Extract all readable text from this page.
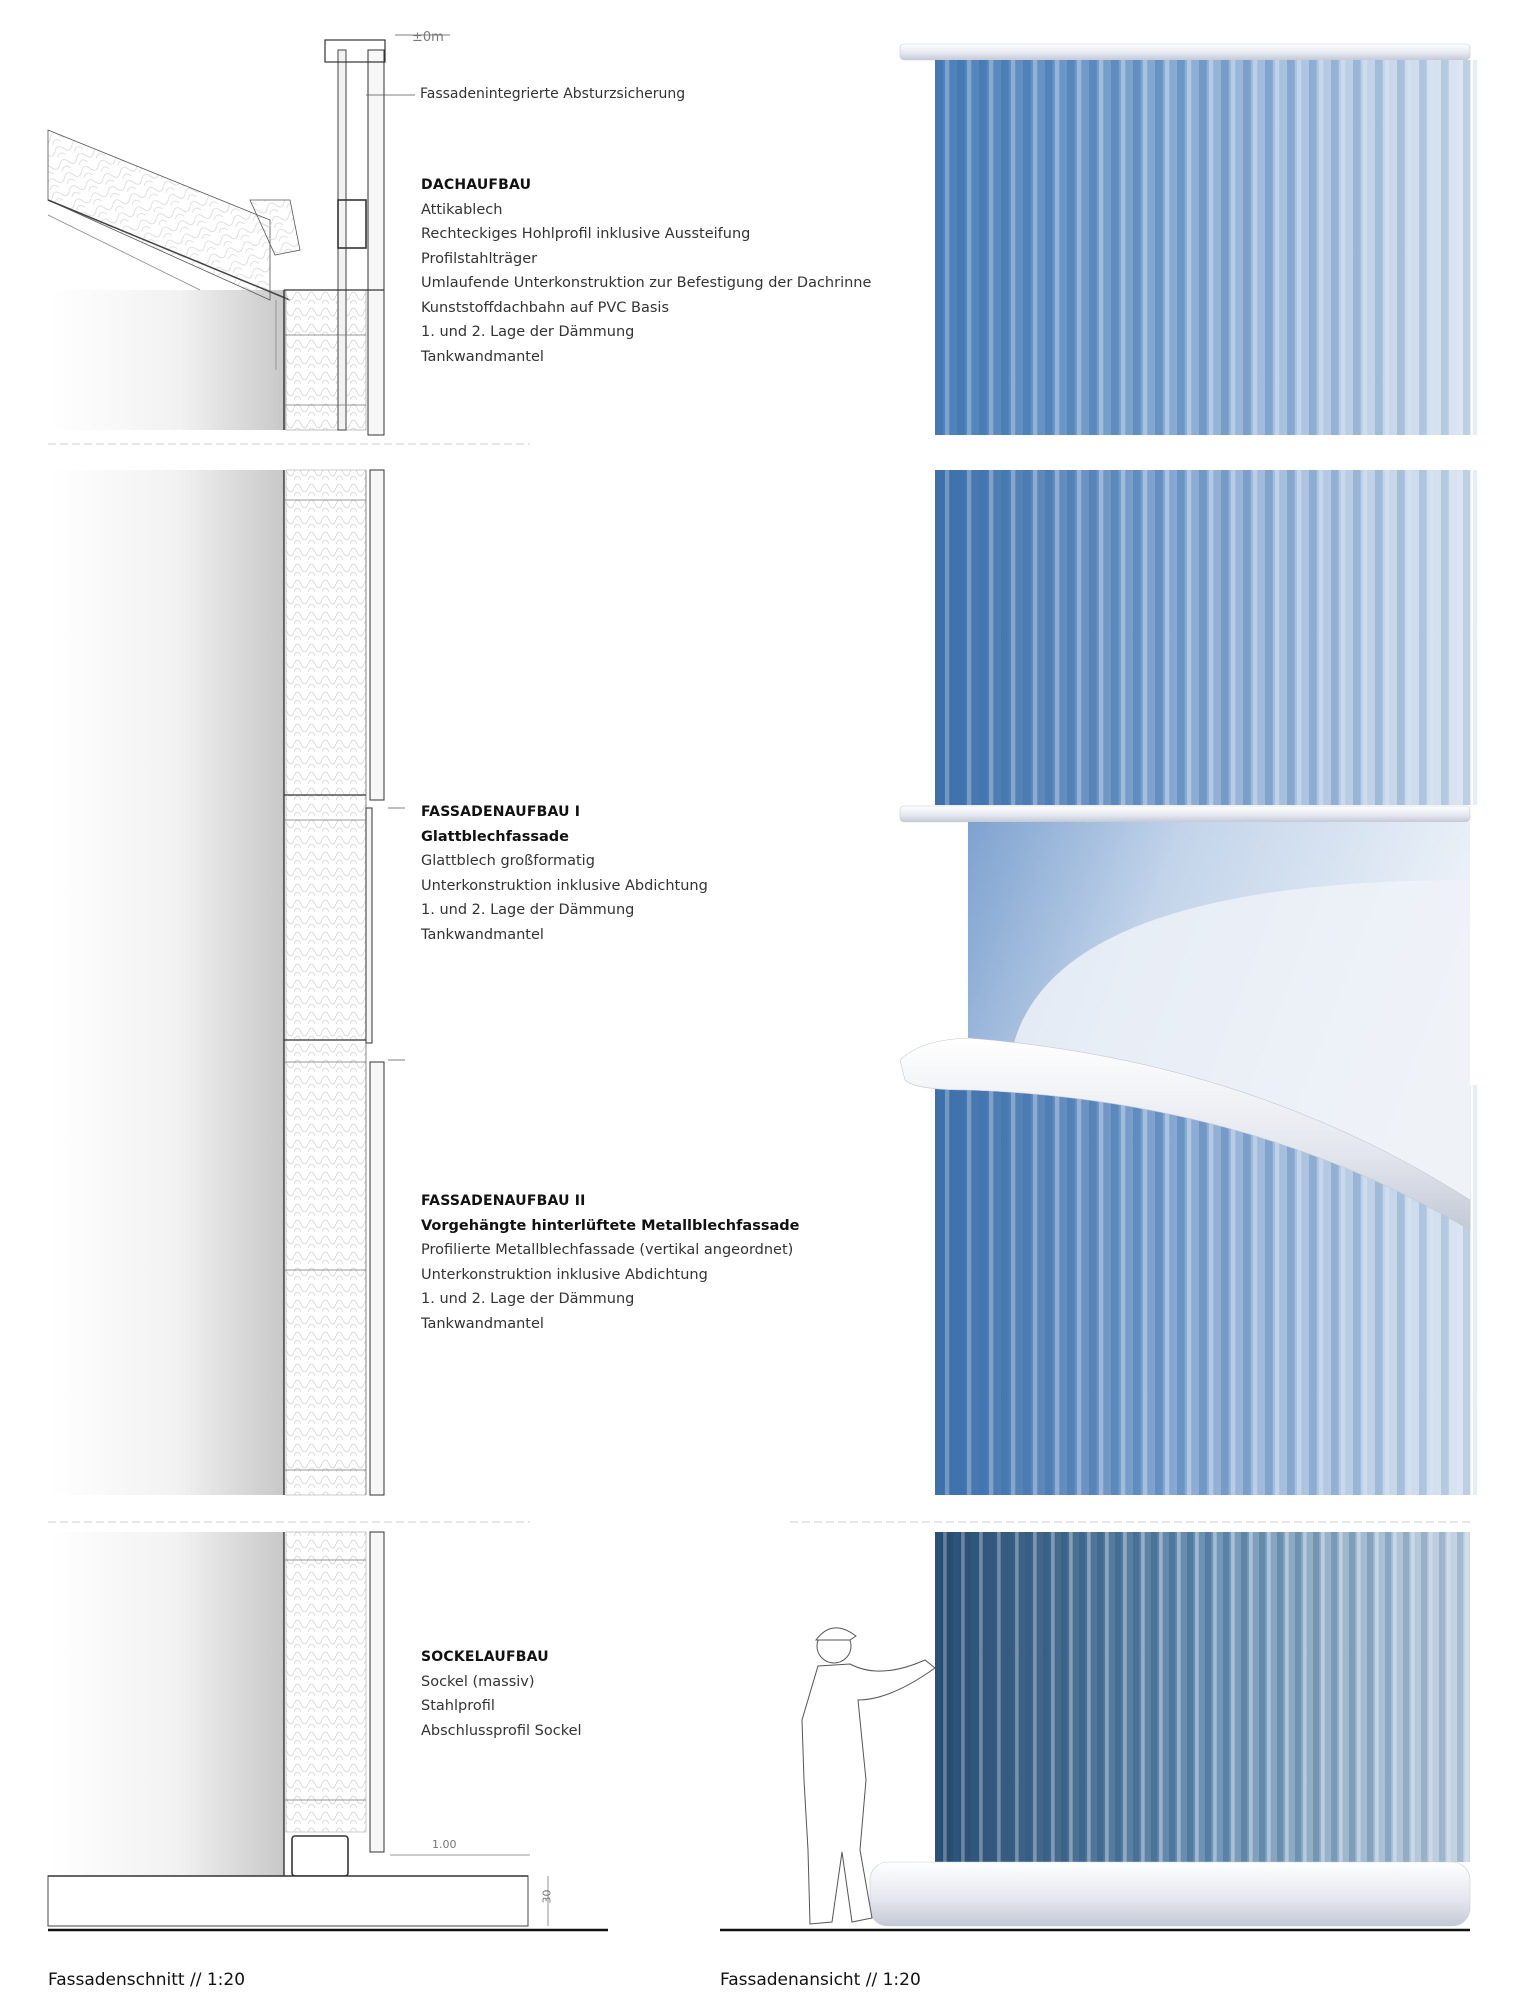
±0m
Fassadenintegrierte Absturzsicherung
DACHAUFBAU
Attikablech
Rechteckiges Hohlprofil inklusive Aussteifung
Profilstahlträger
Umlaufende Unterkonstruktion zur Befestigung der Dachrinne
Kunststoffdachbahn auf PVC Basis
1. und 2. Lage der Dämmung
Tankwandmantel
FASSADENAUFBAU I
Glattblechfassade
Glattblech großformatig
Unterkonstruktion inklusive Abdichtung
1. und 2. Lage der Dämmung
Tankwandmantel
FASSADENAUFBAU II
Vorgehängte hinterlüftete Metallblechfassade
Profilierte Metallblechfassade (vertikal angeordnet)
Unterkonstruktion inklusive Abdichtung
1. und 2. Lage der Dämmung
Tankwandmantel
SOCKELAUFBAU
Sockel (massiv)
Stahlprofil
Abschlussprofil Sockel
1.00
30
Fassadenschnitt // 1:20	Fassadenansicht // 1:20
